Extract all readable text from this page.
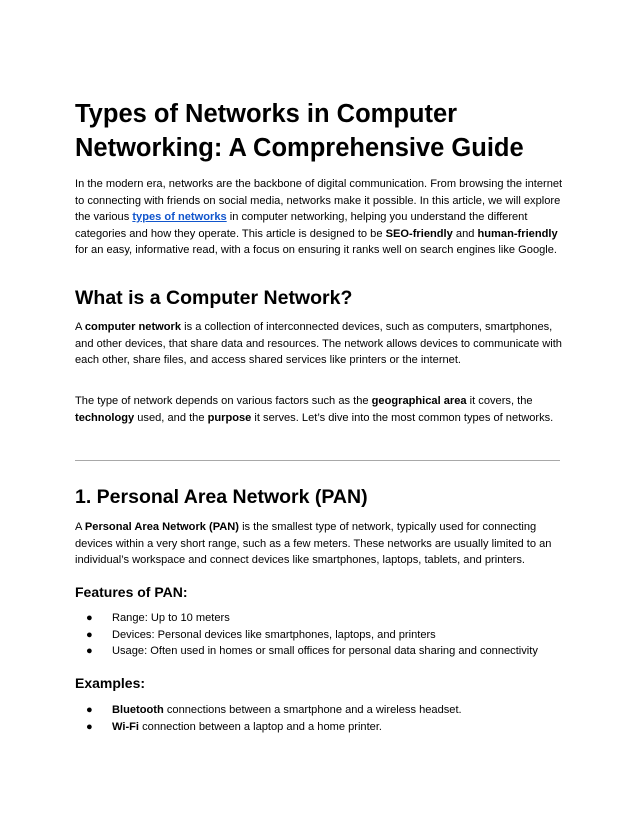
Types of Networks in Computer Networking: A Comprehensive Guide

In the modern era, networks are the backbone of digital communication. From browsing the internet to connecting with friends on social media, networks make it possible. In this article, we will explore the various types of networks in computer networking, helping you understand the different categories and how they operate. This article is designed to be SEO-friendly and human-friendly for an easy, informative read, with a focus on ensuring it ranks well on search engines like Google.

What is a Computer Network?

A computer network is a collection of interconnected devices, such as computers, smartphones, and other devices, that share data and resources. The network allows devices to communicate with each other, share files, and access shared services like printers or the internet.

The type of network depends on various factors such as the geographical area it covers, the technology used, and the purpose it serves. Let’s dive into the most common types of networks.

1. Personal Area Network (PAN)

A Personal Area Network (PAN) is the smallest type of network, typically used for connecting devices within a very short range, such as a few meters. These networks are usually limited to an individual’s workspace and connect devices like smartphones, laptops, tablets, and printers.

Features of PAN:
● Range: Up to 10 meters
● Devices: Personal devices like smartphones, laptops, and printers
● Usage: Often used in homes or small offices for personal data sharing and connectivity
Examples:
● Bluetooth connections between a smartphone and a wireless headset.
● Wi-Fi connection between a laptop and a home printer.
